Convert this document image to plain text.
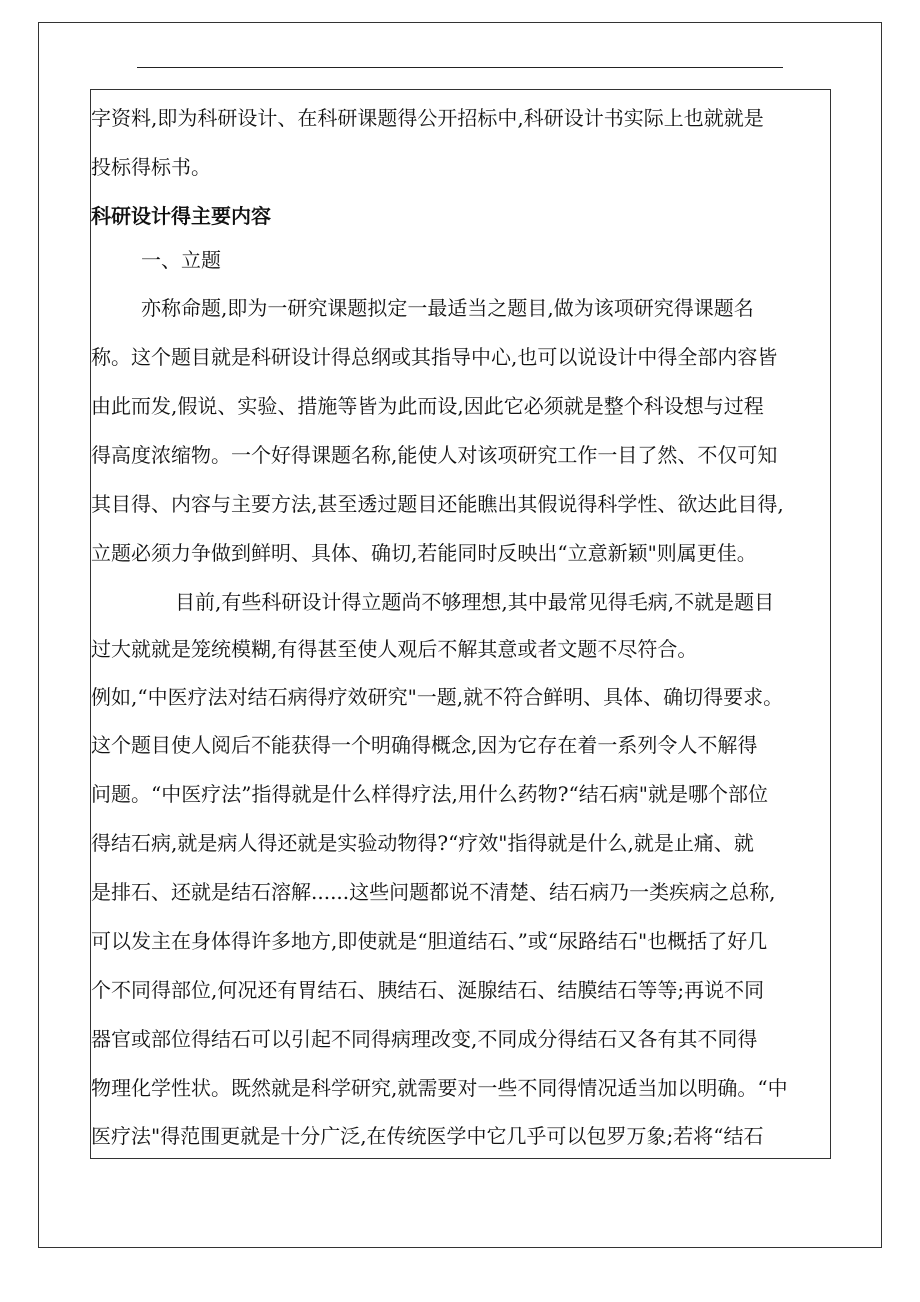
字资料,即为科研设计、在科研课题得公开招标中,科研设计书实际上也就就是
投标得标书。
科研设计得主要内容
一、立题
亦称命题,即为一研究课题拟定一最适当之题目,做为该项研究得课题名
称。这个题目就是科研设计得总纲或其指导中心,也可以说设计中得全部内容皆
由此而发,假说、实验、措施等皆为此而设,因此它必须就是整个科设想与过程
得高度浓缩物。一个好得课题名称,能使人对该项研究工作一目了然、不仅可知
其目得、内容与主要方法,甚至透过题目还能瞧出其假说得科学性、欲达此目得,
立题必须力争做到鲜明、具体、确切,若能同时反映出“立意新颖"则属更佳。
目前,有些科研设计得立题尚不够理想,其中最常见得毛病,不就是题目
过大就就是笼统模糊,有得甚至使人观后不解其意或者文题不尽符合。
例如,“中医疗法对结石病得疗效研究"一题,就不符合鲜明、具体、确切得要求。
这个题目使人阅后不能获得一个明确得概念,因为它存在着一系列令人不解得
问题。“中医疗法”指得就是什么样得疗法,用什么药物?“结石病"就是哪个部位
得结石病,就是病人得还就是实验动物得?“疗效"指得就是什么,就是止痛、就
是排石、还就是结石溶解......这些问题都说不清楚、结石病乃一类疾病之总称,
可以发主在身体得许多地方,即使就是“胆道结石、”或“尿路结石"也概括了好几
个不同得部位,何况还有胃结石、胰结石、涎腺结石、结膜结石等等;再说不同
器官或部位得结石可以引起不同得病理改变,不同成分得结石又各有其不同得
物理化学性状。既然就是科学研究,就需要对一些不同得情况适当加以明确。“中
医疗法"得范围更就是十分广泛,在传统医学中它几乎可以包罗万象;若将“结石
